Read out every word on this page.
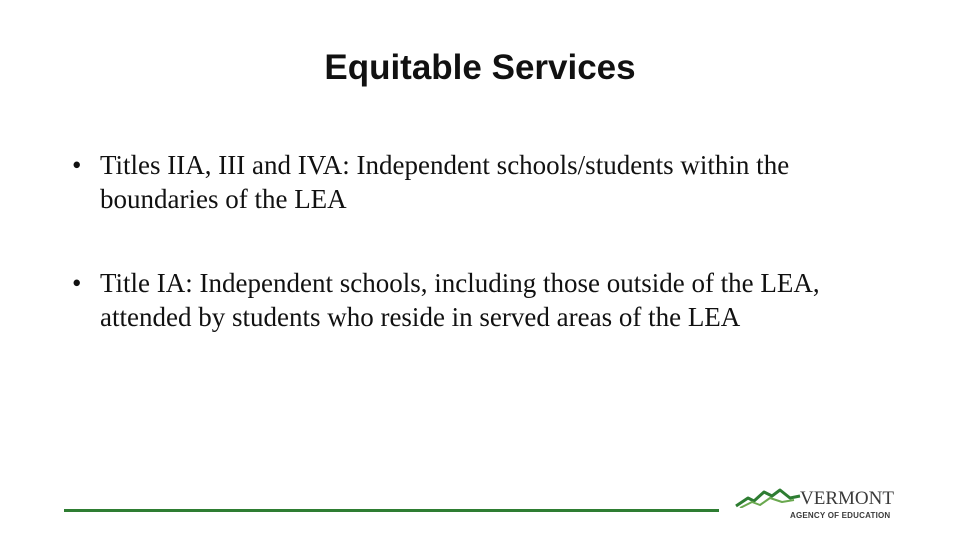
Equitable Services
• Titles IIA, III and IVA: Independent schools/students within the boundaries of the LEA
• Title IA: Independent schools, including those outside of the LEA, attended by students who reside in served areas of the LEA
VERMONT
AGENCY OF EDUCATION
